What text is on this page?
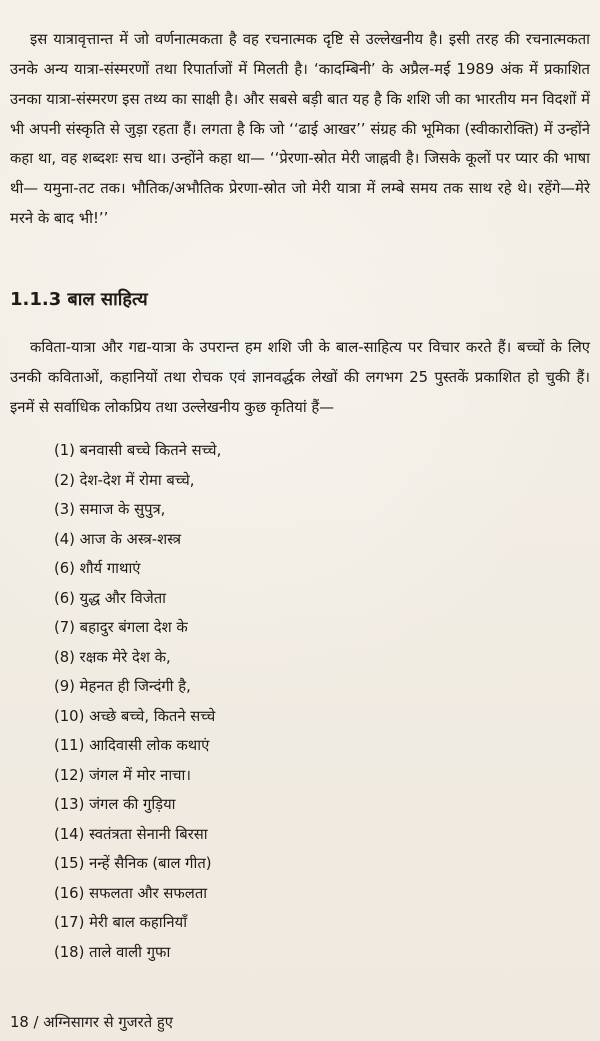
इस यात्रावृत्तान्त में जो वर्णनात्मकता है वह रचनात्मक दृष्टि से उल्लेखनीय है। इसी तरह की रचनात्मकता उनके अन्य यात्रा-संस्मरणों तथा रिपार्ताजों में मिलती है। ‘कादम्बिनी’ के अप्रैल-मई 1989 अंक में प्रकाशित उनका यात्रा-संस्मरण इस तथ्य का साक्षी है। और सबसे बड़ी बात यह है कि शशि जी का भारतीय मन विदशों में भी अपनी संस्कृति से जुड़ा रहता हैं। लगता है कि जो ‘‘ढाई आखर’’ संग्रह की भूमिका (स्वीकारोक्ति) में उन्होंने कहा था, वह शब्दशः सच था। उन्होंने कहा था— ‘‘प्रेरणा-स्रोत मेरी जाह्नवी है। जिसके कूलों पर प्यार की भाषा थी— यमुना-तट तक। भौतिक/अभौतिक प्रेरणा-स्रोत जो मेरी यात्रा में लम्बे समय तक साथ रहे थे। रहेंगे—मेरे मरने के बाद भी!’’

1.1.3 बाल साहित्य

कविता-यात्रा और गद्य-यात्रा के उपरान्त हम शशि जी के बाल-साहित्य पर विचार करते हैं। बच्चों के लिए उनकी कविताओं, कहानियों तथा रोचक एवं ज्ञानवर्द्धक लेखों की लगभग 25 पुस्तकें प्रकाशित हो चुकी हैं। इनमें से सर्वाधिक लोकप्रिय तथा उल्लेखनीय कुछ कृतियां हैं—

(1) बनवासी बच्चे कितने सच्चे,
(2) देश-देश में रोमा बच्चे,
(3) समाज के सुपुत्र,
(4) आज के अस्त्र-शस्त्र
(6) शौर्य गाथाएं
(6) युद्ध और विजेता
(7) बहादुर बंगला देश के
(8) रक्षक मेरे देश के,
(9) मेहनत ही जिन्दंगी है,
(10) अच्छे बच्चे, कितने सच्चे
(11) आदिवासी लोक कथाएं
(12) जंगल में मोर नाचा।
(13) जंगल की गुड़िया
(14) स्वतंत्रता सेनानी बिरसा
(15) नन्हें सैनिक (बाल गीत)
(16) सफलता और सफलता
(17) मेरी बाल कहानियाँ
(18) ताले वाली गुफा
18 / अग्निसागर से गुजरते हुए
